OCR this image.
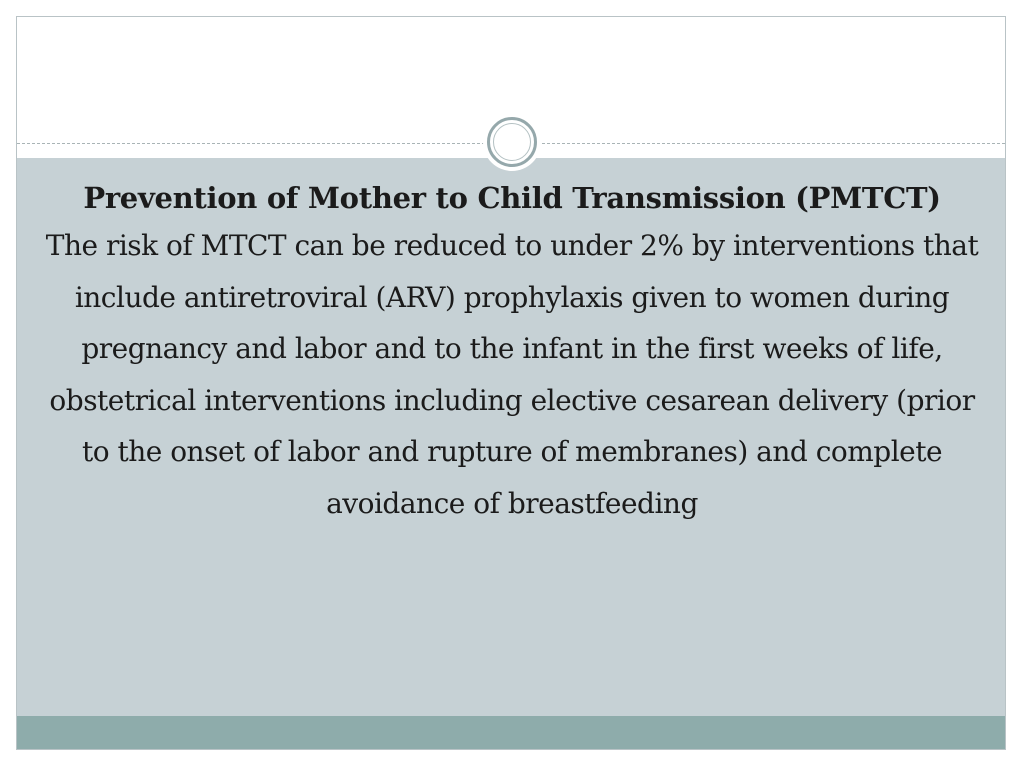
Prevention of Mother to Child Transmission (PMTCT)

The risk of MTCT can be reduced to under 2% by interventions that include antiretroviral (ARV) prophylaxis given to women during pregnancy and labor and to the infant in the first weeks of life, obstetrical interventions including elective cesarean delivery (prior to the onset of labor and rupture of membranes) and complete avoidance of breastfeeding
